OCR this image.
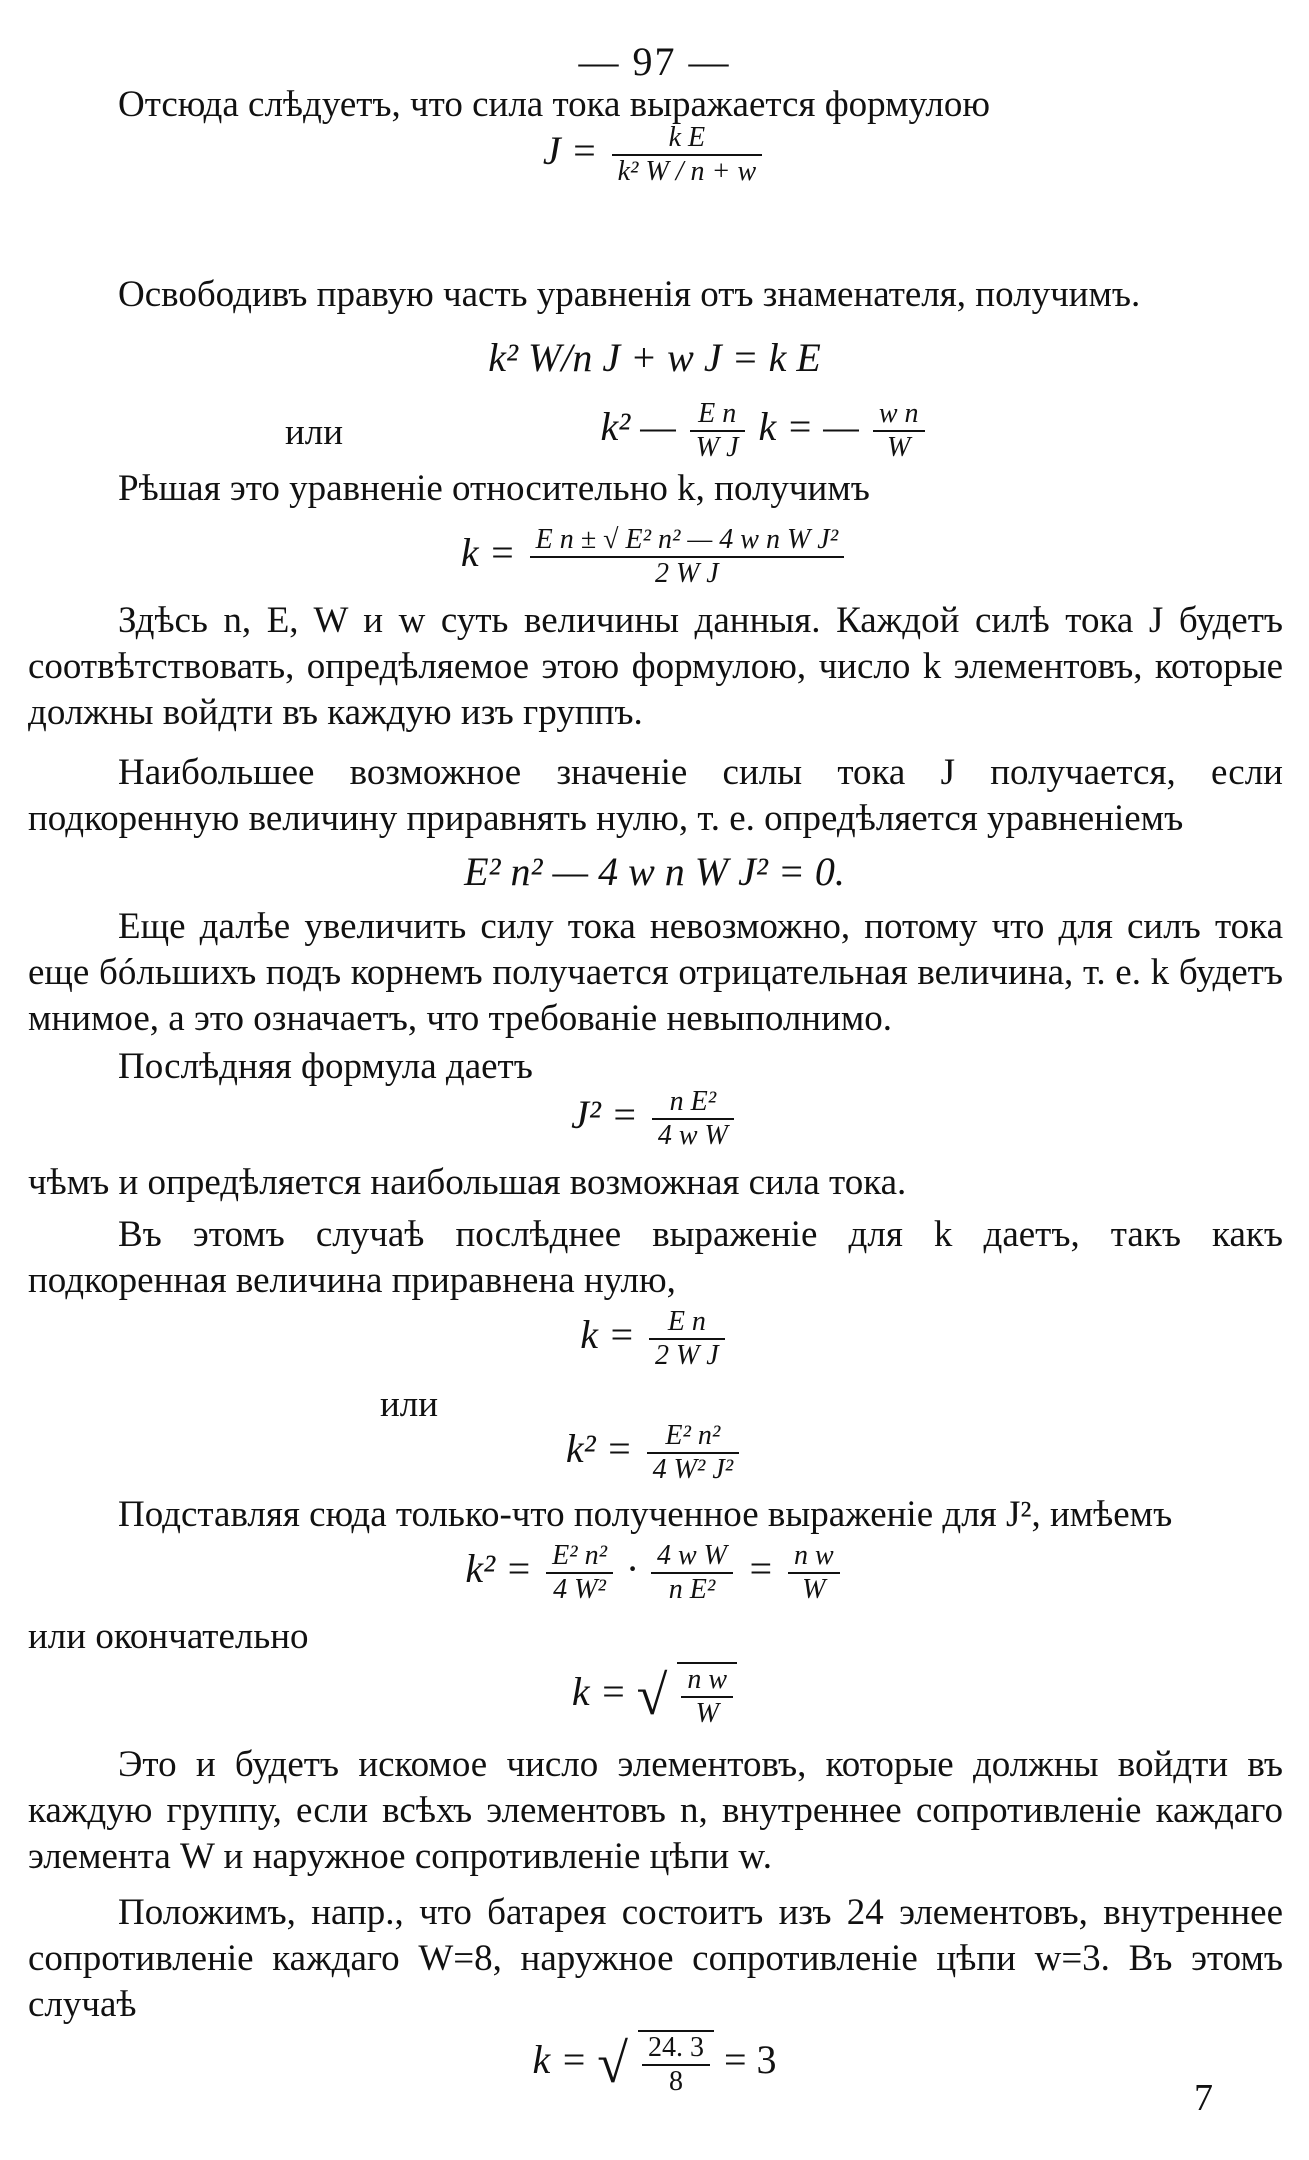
— 97 —
Отсюда слѣдуетъ, что сила тока выражается формулою
$J = \frac{\text{k E}}{\text{k² W / n + w}}$
Освободивъ правую часть уравненія отъ знаменателя, получимъ.
k² W/n J + w J = k E
или	k² — $\frac{\text{E n}}{\text{W J}}$ k = — $\frac{\text{w n}}{W}$
Рѣшая это уравненіе относительно k, получимъ
$k = \frac{\text{E n ± √ E² n² — 4 w n W J²}}{\text{2 W J}}$
Здѣсь n, E, W и w суть величины данныя. Каждой силѣ тока J будетъ соотвѣтствовать, опредѣляемое этою формулою, число k элементовъ, которые должны войдти въ каждую изъ группъ.
Наибольшее возможное значеніе силы тока J получается, если подкоренную величину приравнять нулю, т. е. опредѣляется уравненіемъ
E² n² — 4 w n W J² = 0.
Еще далѣе увеличить силу тока невозможно, потому что для силъ тока еще бóльшихъ подъ корнемъ получается отрицательная величина, т. е. k будетъ мнимое, а это означаетъ, что требованіе невыполнимо.
Послѣдняя формула даетъ
$J^2 = \frac{\text{n E²}}{\text{4 w W}}$
чѣмъ и опредѣляется наибольшая возможная сила тока.
Въ этомъ случаѣ послѣднее выраженіе для k даетъ, такъ какъ подкоренная величина приравнена нулю,
$k = \frac{\text{E n}}{\text{2 W J}}$
или
$k^2 = \frac{\text{E² n²}}{\text{4 W² J²}}$
Подставляя сюда только-что полученное выраженіе для J², имѣемъ
$k^2 = \frac{\text{E² n²}}{\text{4 W²}} \cdot \frac{\text{4 w W}}{\text{n E²}} = \frac{\text{n w}}{W}$
или окончательно
k = √ $\frac{\text{n w}}{W}$
Это и будетъ искомое число элементовъ, которые должны войдти въ каждую группу, если всѣхъ элементовъ n, внутреннее сопротивленіе каждаго элемента W и наружное сопротивленіе цѣпи w.
Положимъ, напр., что батарея состоитъ изъ 24 элементовъ, внутреннее сопротивленіе каждаго W=8, наружное сопротивленіе цѣпи w=3. Въ этомъ случаѣ
k = √ $\frac{24. 3}{8} = 3$
7
